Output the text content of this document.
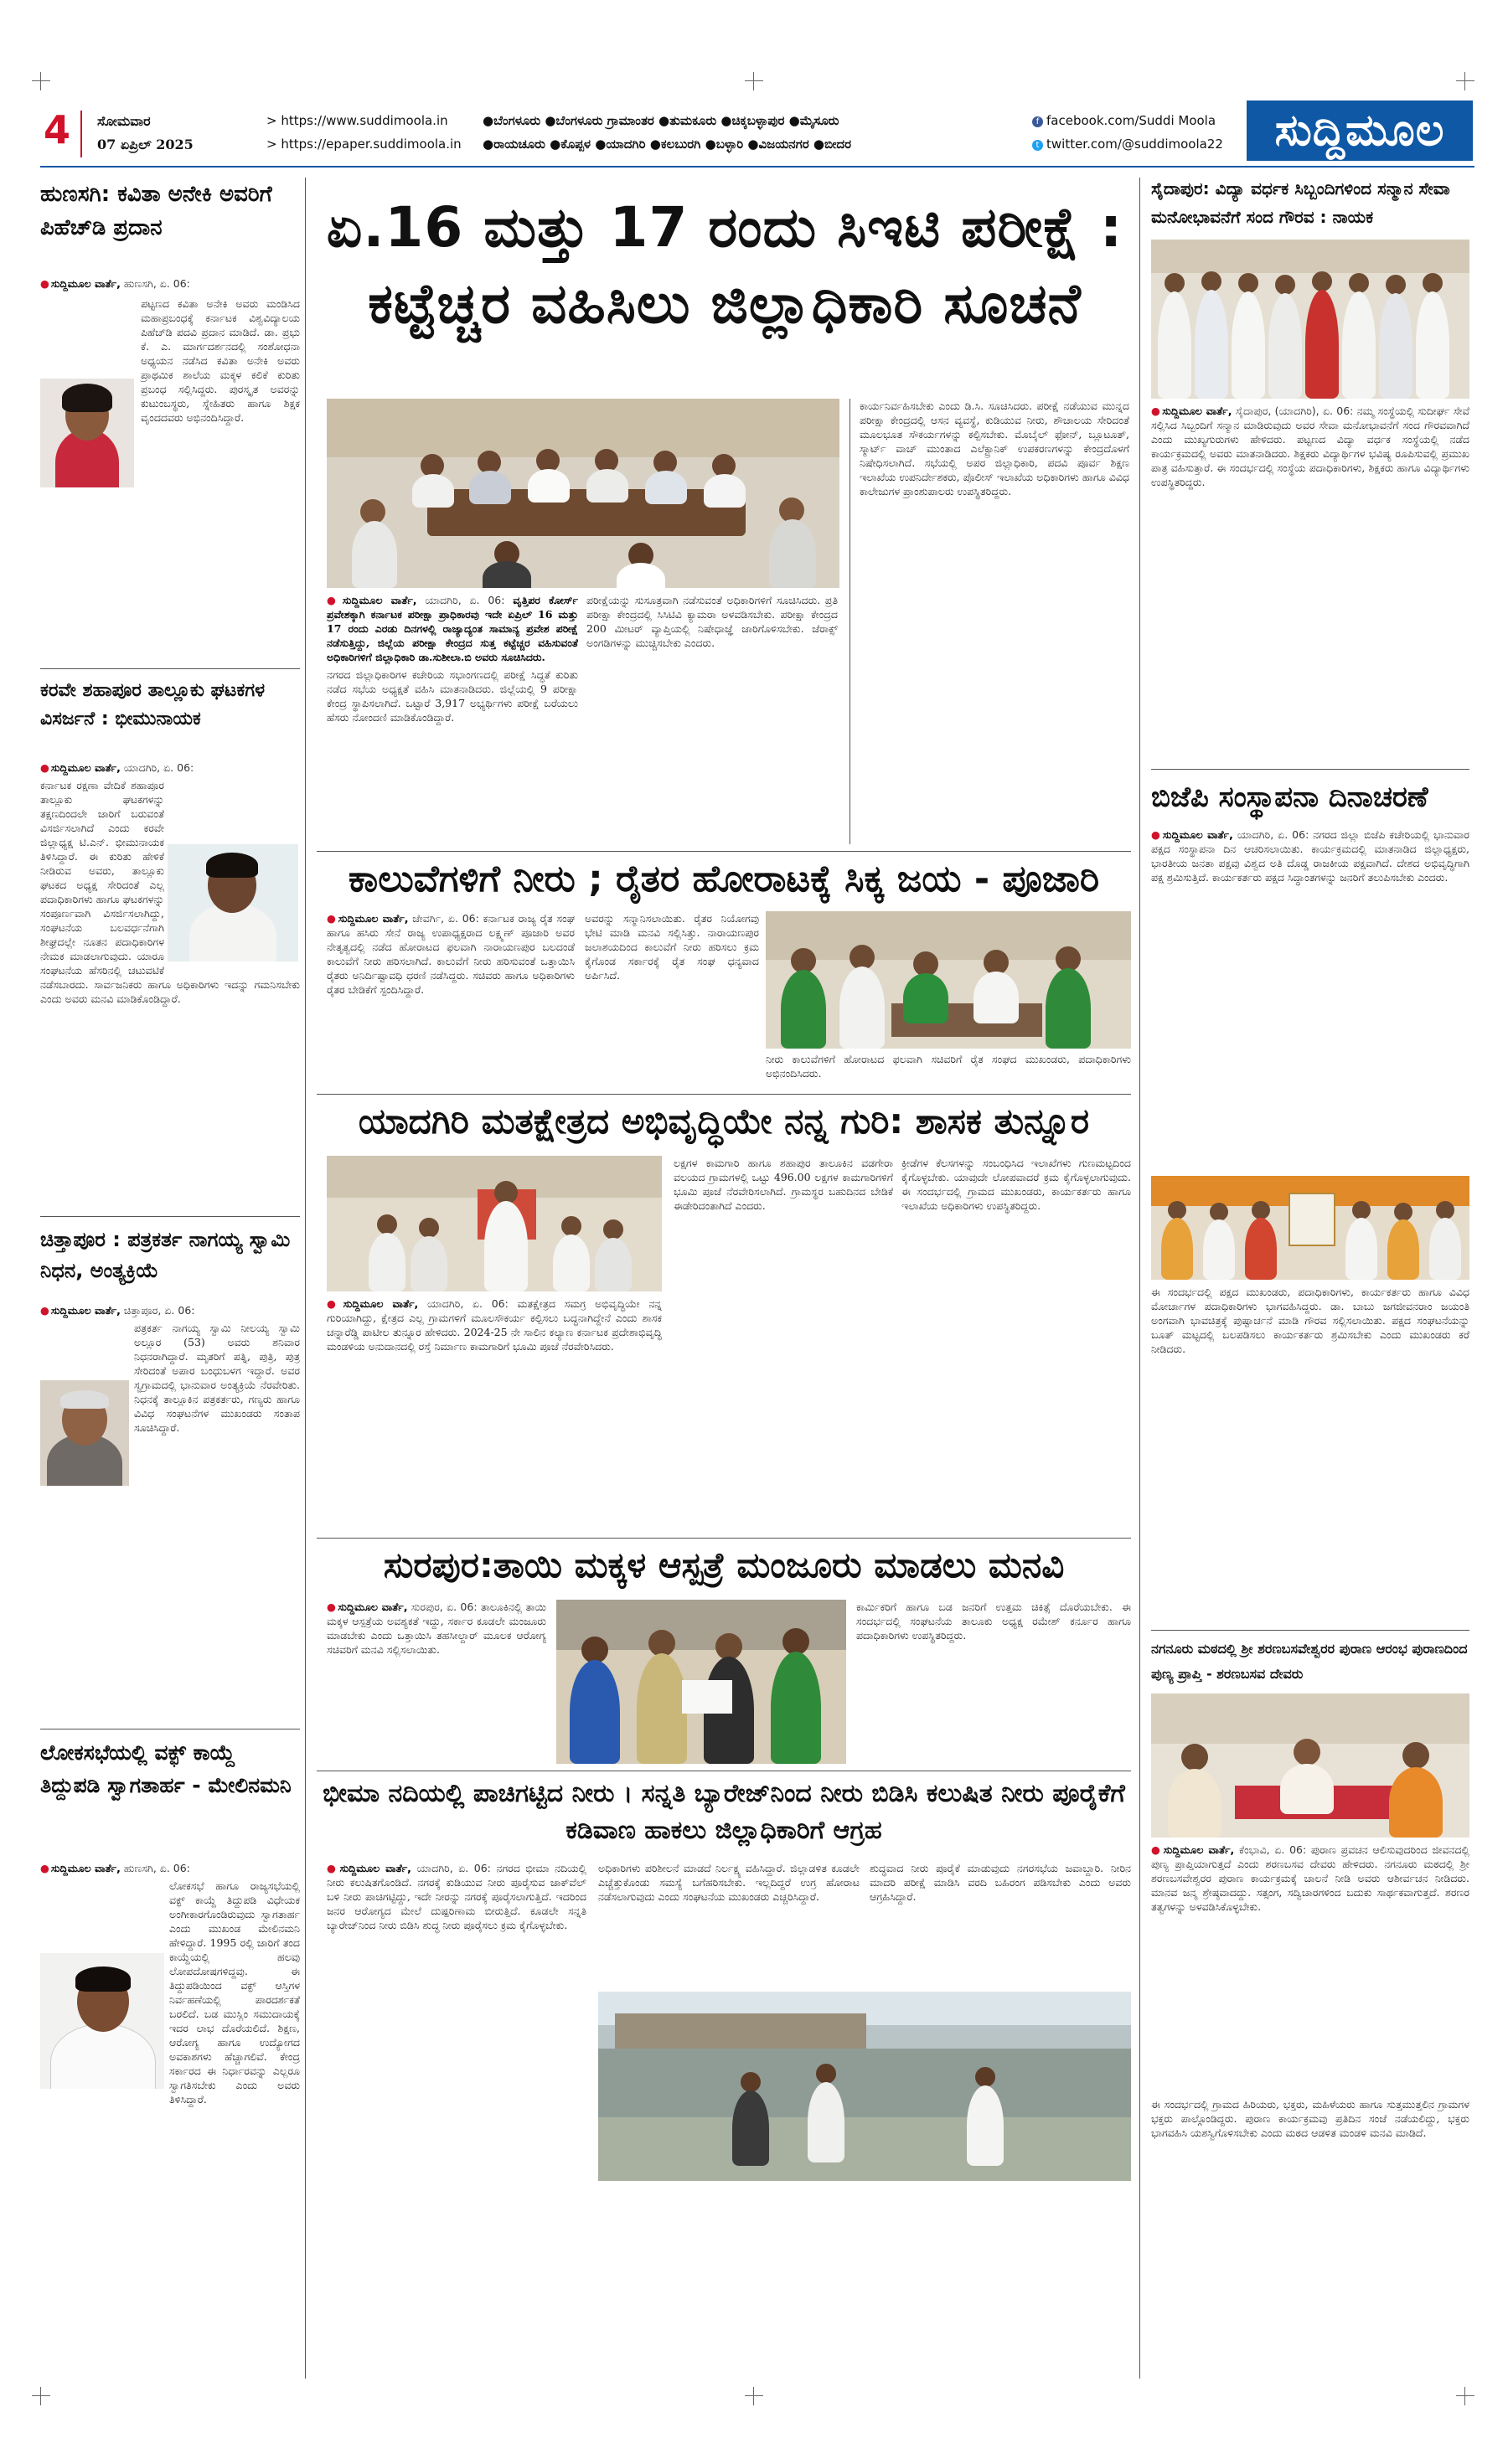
4 ಸೋಮವಾರ
07 ಏಪ್ರಿಲ್ 2025
> https://www.suddimoola.in
> https://epaper.suddimoola.in
●ಬೆಂಗಳೂರು ●ಬೆಂಗಳೂರು ಗ್ರಾಮಾಂತರ ●ತುಮಕೂರು ●ಚಿಕ್ಕಬಳ್ಳಾಪುರ ●ಮೈಸೂರು
●ರಾಯಚೂರು ●ಕೊಪ್ಪಳ ●ಯಾದಗಿರಿ ●ಕಲಬುರಗಿ ●ಬಳ್ಳಾರಿ ●ವಿಜಯನಗರ ●ಬೀದರ
f facebook.com/Suddi Moola
t twitter.com/@suddimoola22	ಸುದ್ದಿಮೂಲ
ಹುಣಸಗಿ: ಕವಿತಾ ಅನೇಕಿ ಅವರಿಗೆ ಪಿಹೆಚ್‌ಡಿ ಪ್ರದಾನ

● ಸುದ್ದಿಮೂಲ ವಾರ್ತೆ, ಹುಣಸಗಿ, ಏ. 06:

ಪಟ್ಟಣದ ಕವಿತಾ ಅನೇಕಿ ಅವರು ಮಂಡಿಸಿದ ಮಹಾಪ್ರಬಂಧಕ್ಕೆ ಕರ್ನಾಟಕ ವಿಶ್ವವಿದ್ಯಾಲಯ ಪಿಹೆಚ್‌ಡಿ ಪದವಿ ಪ್ರದಾನ ಮಾಡಿದೆ. ಡಾ. ಪ್ರಭು ಕೆ. ಎ. ಮಾರ್ಗದರ್ಶನದಲ್ಲಿ ಸಂಶೋಧನಾ ಅಧ್ಯಯನ ನಡೆಸಿದ ಕವಿತಾ ಅನೇಕಿ ಅವರು ಪ್ರಾಥಮಿಕ ಶಾಲೆಯ ಮಕ್ಕಳ ಕಲಿಕೆ ಕುರಿತು ಪ್ರಬಂಧ ಸಲ್ಲಿಸಿದ್ದರು. ಪುರಸ್ಕೃತ ಅವರನ್ನು ಕುಟುಂಬಸ್ಥರು, ಸ್ನೇಹಿತರು ಹಾಗೂ ಶಿಕ್ಷಕ ವೃಂದದವರು ಅಭಿನಂದಿಸಿದ್ದಾರೆ.
ಕರವೇ ಶಹಾಪೂರ ತಾಲ್ಲೂಕು ಘಟಕಗಳ ವಿಸರ್ಜನೆ : ಭೀಮುನಾಯಕ

● ಸುದ್ದಿಮೂಲ ವಾರ್ತೆ, ಯಾದಗಿರಿ, ಏ. 06:

ಕರ್ನಾಟಕ ರಕ್ಷಣಾ ವೇದಿಕೆ ಶಹಾಪೂರ ತಾಲ್ಲೂಕು ಘಟಕಗಳನ್ನು ತಕ್ಷಣದಿಂದಲೇ ಜಾರಿಗೆ ಬರುವಂತೆ ವಿಸರ್ಜಿಸಲಾಗಿದೆ ಎಂದು ಕರವೇ ಜಿಲ್ಲಾಧ್ಯಕ್ಷ ಟಿ.ಎನ್. ಭೀಮುನಾಯಕ ತಿಳಿಸಿದ್ದಾರೆ. ಈ ಕುರಿತು ಹೇಳಿಕೆ ನೀಡಿರುವ ಅವರು, ತಾಲ್ಲೂಕು ಘಟಕದ ಅಧ್ಯಕ್ಷ ಸೇರಿದಂತೆ ಎಲ್ಲ ಪದಾಧಿಕಾರಿಗಳು ಹಾಗೂ ಘಟಕಗಳನ್ನು ಸಂಪೂರ್ಣವಾಗಿ ವಿಸರ್ಜಿಸಲಾಗಿದ್ದು, ಸಂಘಟನೆಯ ಬಲವರ್ಧನೆಗಾಗಿ ಶೀಘ್ರದಲ್ಲೇ ನೂತನ ಪದಾಧಿಕಾರಿಗಳ ನೇಮಕ ಮಾಡಲಾಗುವುದು. ಯಾರೂ ಸಂಘಟನೆಯ ಹೆಸರಿನಲ್ಲಿ ಚಟುವಟಿಕೆ ನಡೆಸಬಾರದು. ಸಾರ್ವಜನಿಕರು ಹಾಗೂ ಅಧಿಕಾರಿಗಳು ಇದನ್ನು ಗಮನಿಸಬೇಕು ಎಂದು ಅವರು ಮನವಿ ಮಾಡಿಕೊಂಡಿದ್ದಾರೆ.
ಚಿತ್ತಾಪೂರ : ಪತ್ರಕರ್ತ ನಾಗಯ್ಯ ಸ್ವಾಮಿ ನಿಧನ, ಅಂತ್ಯಕ್ರಿಯೆ

● ಸುದ್ದಿಮೂಲ ವಾರ್ತೆ, ಚಿತ್ತಾಪೂರ, ಏ. 06:

ಪತ್ರಕರ್ತ ನಾಗಯ್ಯ ಸ್ವಾಮಿ ನೀಲಯ್ಯ ಸ್ವಾಮಿ ಅಲ್ಲೂರ (53) ಅವರು ಶನಿವಾರ ನಿಧನರಾಗಿದ್ದಾರೆ. ಮೃತರಿಗೆ ಪತ್ನಿ, ಪುತ್ರಿ, ಪುತ್ರ ಸೇರಿದಂತೆ ಅಪಾರ ಬಂಧುಬಳಗ ಇದ್ದಾರೆ. ಅವರ ಸ್ವಗ್ರಾಮದಲ್ಲಿ ಭಾನುವಾರ ಅಂತ್ಯಕ್ರಿಯೆ ನೆರವೇರಿತು. ನಿಧನಕ್ಕೆ ತಾಲ್ಲೂಕಿನ ಪತ್ರಕರ್ತರು, ಗಣ್ಯರು ಹಾಗೂ ವಿವಿಧ ಸಂಘಟನೆಗಳ ಮುಖಂಡರು ಸಂತಾಪ ಸೂಚಿಸಿದ್ದಾರೆ.
ಲೋಕಸಭೆಯಲ್ಲಿ ವಕ್ಫ್ ಕಾಯ್ದೆ ತಿದ್ದುಪಡಿ ಸ್ವಾಗತಾರ್ಹ - ಮೇಲಿನಮನಿ

● ಸುದ್ದಿಮೂಲ ವಾರ್ತೆ, ಹುಣಸಗಿ, ಏ. 06:

ಲೋಕಸಭೆ ಹಾಗೂ ರಾಜ್ಯಸಭೆಯಲ್ಲಿ ವಕ್ಫ್ ಕಾಯ್ದೆ ತಿದ್ದುಪಡಿ ವಿಧೇಯಕ ಅಂಗೀಕಾರಗೊಂಡಿರುವುದು ಸ್ವಾಗತಾರ್ಹ ಎಂದು ಮುಖಂಡ ಮೇಲಿನಮನಿ ಹೇಳಿದ್ದಾರೆ. 1995 ರಲ್ಲಿ ಜಾರಿಗೆ ತಂದ ಕಾಯ್ದೆಯಲ್ಲಿ ಹಲವು ಲೋಪದೋಷಗಳಿದ್ದವು. ಈ ತಿದ್ದುಪಡಿಯಿಂದ ವಕ್ಫ್ ಆಸ್ತಿಗಳ ನಿರ್ವಹಣೆಯಲ್ಲಿ ಪಾರದರ್ಶಕತೆ ಬರಲಿದೆ. ಬಡ ಮುಸ್ಲಿಂ ಸಮುದಾಯಕ್ಕೆ ಇದರ ಲಾಭ ದೊರೆಯಲಿದೆ. ಶಿಕ್ಷಣ, ಆರೋಗ್ಯ ಹಾಗೂ ಉದ್ಯೋಗದ ಅವಕಾಶಗಳು ಹೆಚ್ಚಾಗಲಿವೆ. ಕೇಂದ್ರ ಸರ್ಕಾರದ ಈ ನಿರ್ಧಾರವನ್ನು ಎಲ್ಲರೂ ಸ್ವಾಗತಿಸಬೇಕು ಎಂದು ಅವರು ತಿಳಿಸಿದ್ದಾರೆ.
ಏ.16 ಮತ್ತು 17 ರಂದು ಸಿಇಟಿ ಪರೀಕ್ಷೆ : ಕಟ್ಟೆಚ್ಚರ ವಹಿಸಿಲು ಜಿಲ್ಲಾಧಿಕಾರಿ ಸೂಚನೆ

● ಸುದ್ದಿಮೂಲ ವಾರ್ತೆ, ಯಾದಗಿರಿ, ಏ. 06: ವೃತ್ತಿಪರ ಕೋರ್ಸ್ ಪ್ರವೇಶಕ್ಕಾಗಿ ಕರ್ನಾಟಕ ಪರೀಕ್ಷಾ ಪ್ರಾಧಿಕಾರವು ಇದೇ ಏಪ್ರಿಲ್ 16 ಮತ್ತು 17 ರಂದು ಎರಡು ದಿನಗಳಲ್ಲಿ ರಾಜ್ಯಾದ್ಯಂತ ಸಾಮಾನ್ಯ ಪ್ರವೇಶ ಪರೀಕ್ಷೆ ನಡೆಸುತ್ತಿದ್ದು, ಜಿಲ್ಲೆಯ ಪರೀಕ್ಷಾ ಕೇಂದ್ರದ ಸುತ್ತ ಕಟ್ಟೆಚ್ಚರ ವಹಿಸುವಂತೆ ಅಧಿಕಾರಿಗಳಿಗೆ ಜಿಲ್ಲಾಧಿಕಾರಿ ಡಾ.ಸುಶೀಲಾ.ಬಿ ಅವರು ಸೂಚಿಸಿದರು.

ನಗರದ ಜಿಲ್ಲಾಧಿಕಾರಿಗಳ ಕಚೇರಿಯ ಸಭಾಂಗಣದಲ್ಲಿ ಪರೀಕ್ಷೆ ಸಿದ್ಧತೆ ಕುರಿತು ನಡೆದ ಸಭೆಯ ಅಧ್ಯಕ್ಷತೆ ವಹಿಸಿ ಮಾತನಾಡಿದರು. ಜಿಲ್ಲೆಯಲ್ಲಿ 9 ಪರೀಕ್ಷಾ ಕೇಂದ್ರ ಸ್ಥಾಪಿಸಲಾಗಿದೆ. ಒಟ್ಟಾರೆ 3,917 ಅಭ್ಯರ್ಥಿಗಳು ಪರೀಕ್ಷೆ ಬರೆಯಲು ಹೆಸರು ನೋಂದಣಿ ಮಾಡಿಕೊಂಡಿದ್ದಾರೆ.

ಪರೀಕ್ಷೆಯನ್ನು ಸುಸೂತ್ರವಾಗಿ ನಡೆಸುವಂತೆ ಅಧಿಕಾರಿಗಳಿಗೆ ಸೂಚಿಸಿದರು. ಪ್ರತಿ ಪರೀಕ್ಷಾ ಕೇಂದ್ರದಲ್ಲಿ ಸಿಸಿಟಿವಿ ಕ್ಯಾಮರಾ ಅಳವಡಿಸಬೇಕು. ಪರೀಕ್ಷಾ ಕೇಂದ್ರದ 200 ಮೀಟರ್ ವ್ಯಾಪ್ತಿಯಲ್ಲಿ ನಿಷೇಧಾಜ್ಞೆ ಜಾರಿಗೊಳಿಸಬೇಕು. ಜೆರಾಕ್ಸ್ ಅಂಗಡಿಗಳನ್ನು ಮುಚ್ಚಿಸಬೇಕು ಎಂದರು.

ಕಾರ್ಯನಿರ್ವಹಿಸಬೇಕು ಎಂದು ಡಿ.ಸಿ. ಸೂಚಿಸಿದರು. ಪರೀಕ್ಷೆ ನಡೆಯುವ ಮುನ್ನದ ಪರೀಕ್ಷಾ ಕೇಂದ್ರದಲ್ಲಿ ಆಸನ ವ್ಯವಸ್ಥೆ, ಕುಡಿಯುವ ನೀರು, ಶೌಚಾಲಯ ಸೇರಿದಂತೆ ಮೂಲಭೂತ ಸೌಕರ್ಯಗಳನ್ನು ಕಲ್ಪಿಸಬೇಕು. ಮೊಬೈಲ್ ಫೋನ್, ಬ್ಲೂಟೂತ್, ಸ್ಮಾರ್ಟ್ ವಾಚ್ ಮುಂತಾದ ಎಲೆಕ್ಟ್ರಾನಿಕ್ ಉಪಕರಣಗಳನ್ನು ಕೇಂದ್ರದೊಳಗೆ ನಿಷೇಧಿಸಲಾಗಿದೆ. ಸಭೆಯಲ್ಲಿ ಅಪರ ಜಿಲ್ಲಾಧಿಕಾರಿ, ಪದವಿ ಪೂರ್ವ ಶಿಕ್ಷಣ ಇಲಾಖೆಯ ಉಪನಿರ್ದೇಶಕರು, ಪೊಲೀಸ್ ಇಲಾಖೆಯ ಅಧಿಕಾರಿಗಳು ಹಾಗೂ ವಿವಿಧ ಕಾಲೇಜುಗಳ ಪ್ರಾಂಶುಪಾಲರು ಉಪಸ್ಥಿತರಿದ್ದರು.

ಕಾಲುವೆಗಳಿಗೆ ನೀರು ; ರೈತರ ಹೋರಾಟಕ್ಕೆ ಸಿಕ್ಕ ಜಯ - ಪೂಜಾರಿ

● ಸುದ್ದಿಮೂಲ ವಾರ್ತೆ, ಜೇವರ್ಗಿ, ಏ. 06: ಕರ್ನಾಟಕ ರಾಜ್ಯ ರೈತ ಸಂಘ ಹಾಗೂ ಹಸಿರು ಸೇನೆ ರಾಜ್ಯ ಉಪಾಧ್ಯಕ್ಷರಾದ ಲಕ್ಷ್ಮಣ್ ಪೂಜಾರಿ ಅವರ ನೇತೃತ್ವದಲ್ಲಿ ನಡೆದ ಹೋರಾಟದ ಫಲವಾಗಿ ನಾರಾಯಣಪುರ ಬಲದಂಡೆ ಕಾಲುವೆಗೆ ನೀರು ಹರಿಸಲಾಗಿದೆ. ಕಾಲುವೆಗೆ ನೀರು ಹರಿಸುವಂತೆ ಒತ್ತಾಯಿಸಿ ರೈತರು ಅನಿರ್ದಿಷ್ಟಾವಧಿ ಧರಣಿ ನಡೆಸಿದ್ದರು. ಸಚಿವರು ಹಾಗೂ ಅಧಿಕಾರಿಗಳು ರೈತರ ಬೇಡಿಕೆಗೆ ಸ್ಪಂದಿಸಿದ್ದಾರೆ.

ಅವರನ್ನು ಸನ್ಮಾನಿಸಲಾಯಿತು. ರೈತರ ನಿಯೋಗವು ಭೇಟಿ ಮಾಡಿ ಮನವಿ ಸಲ್ಲಿಸಿತ್ತು. ನಾರಾಯಣಪುರ ಜಲಾಶಯದಿಂದ ಕಾಲುವೆಗೆ ನೀರು ಹರಿಸಲು ಕ್ರಮ ಕೈಗೊಂಡ ಸರ್ಕಾರಕ್ಕೆ ರೈತ ಸಂಘ ಧನ್ಯವಾದ ಅರ್ಪಿಸಿದೆ.

ನೀರು ಕಾಲುವೆಗಳಿಗೆ ಹೋರಾಟದ ಫಲವಾಗಿ ಸಚಿವರಿಗೆ ರೈತ ಸಂಘದ ಮುಖಂಡರು, ಪದಾಧಿಕಾರಿಗಳು ಅಭಿನಂದಿಸಿದರು.
ಯಾದಗಿರಿ ಮತಕ್ಷೇತ್ರದ ಅಭಿವೃದ್ಧಿಯೇ ನನ್ನ ಗುರಿ: ಶಾಸಕ ತುನ್ನೂರ

● ಸುದ್ದಿಮೂಲ ವಾರ್ತೆ, ಯಾದಗಿರಿ, ಏ. 06: ಮತಕ್ಷೇತ್ರದ ಸಮಗ್ರ ಅಭಿವೃದ್ಧಿಯೇ ನನ್ನ ಗುರಿಯಾಗಿದ್ದು, ಕ್ಷೇತ್ರದ ಎಲ್ಲ ಗ್ರಾಮಗಳಿಗೆ ಮೂಲಸೌಕರ್ಯ ಕಲ್ಪಿಸಲು ಬದ್ಧನಾಗಿದ್ದೇನೆ ಎಂದು ಶಾಸಕ ಚನ್ನಾರೆಡ್ಡಿ ಪಾಟೀಲ ತುನ್ನೂರ ಹೇಳಿದರು. 2024-25 ನೇ ಸಾಲಿನ ಕಲ್ಯಾಣ ಕರ್ನಾಟಕ ಪ್ರದೇಶಾಭಿವೃದ್ಧಿ ಮಂಡಳಿಯ ಅನುದಾನದಲ್ಲಿ ರಸ್ತೆ ನಿರ್ಮಾಣ ಕಾಮಗಾರಿಗೆ ಭೂಮಿ ಪೂಜೆ ನೆರವೇರಿಸಿದರು.

ಲಕ್ಷಗಳ ಕಾಮಗಾರಿ ಹಾಗೂ ಶಹಾಪುರ ತಾಲೂಕಿನ ವಡಗೇರಾ ವಲಯದ ಗ್ರಾಮಗಳಲ್ಲಿ ಒಟ್ಟು 496.00 ಲಕ್ಷಗಳ ಕಾಮಗಾರಿಗಳಿಗೆ ಭೂಮಿ ಪೂಜೆ ನೆರವೇರಿಸಲಾಗಿದೆ. ಗ್ರಾಮಸ್ಥರ ಬಹುದಿನದ ಬೇಡಿಕೆ ಈಡೇರಿದಂತಾಗಿದೆ ಎಂದರು.

ಕ್ರೀಡೆಗಳ ಕೆಲಸಗಳನ್ನು ಸಂಬಂಧಿಸಿದ ಇಲಾಖೆಗಳು ಗುಣಮಟ್ಟದಿಂದ ಕೈಗೊಳ್ಳಬೇಕು. ಯಾವುದೇ ಲೋಪವಾದರೆ ಕ್ರಮ ಕೈಗೊಳ್ಳಲಾಗುವುದು. ಈ ಸಂದರ್ಭದಲ್ಲಿ ಗ್ರಾಮದ ಮುಖಂಡರು, ಕಾರ್ಯಕರ್ತರು ಹಾಗೂ ಇಲಾಖೆಯ ಅಧಿಕಾರಿಗಳು ಉಪಸ್ಥಿತರಿದ್ದರು.

ಸುರಪುರ:ತಾಯಿ ಮಕ್ಕಳ ಆಸ್ಪತ್ರೆ ಮಂಜೂರು ಮಾಡಲು ಮನವಿ

● ಸುದ್ದಿಮೂಲ ವಾರ್ತೆ, ಸುರಪುರ, ಏ. 06: ತಾಲೂಕಿನಲ್ಲಿ ತಾಯಿ ಮಕ್ಕಳ ಆಸ್ಪತ್ರೆಯ ಅವಶ್ಯಕತೆ ಇದ್ದು, ಸರ್ಕಾರ ಕೂಡಲೇ ಮಂಜೂರು ಮಾಡಬೇಕು ಎಂದು ಒತ್ತಾಯಿಸಿ ತಹಸೀಲ್ದಾರ್ ಮೂಲಕ ಆರೋಗ್ಯ ಸಚಿವರಿಗೆ ಮನವಿ ಸಲ್ಲಿಸಲಾಯಿತು.

ಕಾರ್ಮಿಕರಿಗೆ ಹಾಗೂ ಬಡ ಜನರಿಗೆ ಉತ್ತಮ ಚಿಕಿತ್ಸೆ ದೊರೆಯಬೇಕು. ಈ ಸಂದರ್ಭದಲ್ಲಿ ಸಂಘಟನೆಯ ತಾಲೂಕು ಅಧ್ಯಕ್ಷ ರಮೇಶ್ ಕರ್ನೂರ ಹಾಗೂ ಪದಾಧಿಕಾರಿಗಳು ಉಪಸ್ಥಿತರಿದ್ದರು.

ಭೀಮಾ ನದಿಯಲ್ಲಿ ಪಾಚಿಗಟ್ಟಿದ ನೀರು । ಸನ್ನತಿ ಬ್ಯಾರೇಜ್‌ನಿಂದ ನೀರು ಬಿಡಿಸಿ ಕಲುಷಿತ ನೀರು ಪೂರೈಕೆಗೆ ಕಡಿವಾಣ ಹಾಕಲು ಜಿಲ್ಲಾಧಿಕಾರಿಗೆ ಆಗ್ರಹ

● ಸುದ್ದಿಮೂಲ ವಾರ್ತೆ, ಯಾದಗಿರಿ, ಏ. 06: ನಗರದ ಭೀಮಾ ನದಿಯಲ್ಲಿ ನೀರು ಕಲುಷಿತಗೊಂಡಿದೆ. ನಗರಕ್ಕೆ ಕುಡಿಯುವ ನೀರು ಪೂರೈಸುವ ಜಾಕ್‌ವೆಲ್ ಬಳಿ ನೀರು ಪಾಚಿಗಟ್ಟಿದ್ದು, ಇದೇ ನೀರನ್ನು ನಗರಕ್ಕೆ ಪೂರೈಸಲಾಗುತ್ತಿದೆ. ಇದರಿಂದ ಜನರ ಆರೋಗ್ಯದ ಮೇಲೆ ದುಷ್ಪರಿಣಾಮ ಬೀರುತ್ತಿದೆ. ಕೂಡಲೇ ಸನ್ನತಿ ಬ್ಯಾರೇಜ್‌ನಿಂದ ನೀರು ಬಿಡಿಸಿ ಶುದ್ಧ ನೀರು ಪೂರೈಸಲು ಕ್ರಮ ಕೈಗೊಳ್ಳಬೇಕು.

ಅಧಿಕಾರಿಗಳು ಪರಿಶೀಲನೆ ಮಾಡದೆ ನಿರ್ಲಕ್ಷ್ಯ ವಹಿಸಿದ್ದಾರೆ. ಜಿಲ್ಲಾಡಳಿತ ಕೂಡಲೇ ಎಚ್ಚೆತ್ತುಕೊಂಡು ಸಮಸ್ಯೆ ಬಗೆಹರಿಸಬೇಕು. ಇಲ್ಲದಿದ್ದರೆ ಉಗ್ರ ಹೋರಾಟ ನಡೆಸಲಾಗುವುದು ಎಂದು ಸಂಘಟನೆಯ ಮುಖಂಡರು ಎಚ್ಚರಿಸಿದ್ದಾರೆ.

ಶುದ್ಧವಾದ ನೀರು ಪೂರೈಕೆ ಮಾಡುವುದು ನಗರಸಭೆಯ ಜವಾಬ್ದಾರಿ. ನೀರಿನ ಮಾದರಿ ಪರೀಕ್ಷೆ ಮಾಡಿಸಿ ವರದಿ ಬಹಿರಂಗ ಪಡಿಸಬೇಕು ಎಂದು ಅವರು ಆಗ್ರಹಿಸಿದ್ದಾರೆ.

ಸೈದಾಪುರ: ವಿದ್ಯಾ ವರ್ಧಕ ಸಿಬ್ಬಂದಿಗಳಿಂದ ಸನ್ಮಾನ ಸೇವಾ ಮನೋಭಾವನೆಗೆ ಸಂದ ಗೌರವ : ನಾಯಕ

● ಸುದ್ದಿಮೂಲ ವಾರ್ತೆ, ಸೈದಾಪುರ, (ಯಾದಗಿರಿ), ಏ. 06: ನಮ್ಮ ಸಂಸ್ಥೆಯಲ್ಲಿ ಸುದೀರ್ಘ ಸೇವೆ ಸಲ್ಲಿಸಿದ ಸಿಬ್ಬಂದಿಗೆ ಸನ್ಮಾನ ಮಾಡಿರುವುದು ಅವರ ಸೇವಾ ಮನೋಭಾವನೆಗೆ ಸಂದ ಗೌರವವಾಗಿದೆ ಎಂದು ಮುಖ್ಯಗುರುಗಳು ಹೇಳಿದರು. ಪಟ್ಟಣದ ವಿದ್ಯಾ ವರ್ಧಕ ಸಂಸ್ಥೆಯಲ್ಲಿ ನಡೆದ ಕಾರ್ಯಕ್ರಮದಲ್ಲಿ ಅವರು ಮಾತನಾಡಿದರು. ಶಿಕ್ಷಕರು ವಿದ್ಯಾರ್ಥಿಗಳ ಭವಿಷ್ಯ ರೂಪಿಸುವಲ್ಲಿ ಪ್ರಮುಖ ಪಾತ್ರ ವಹಿಸುತ್ತಾರೆ. ಈ ಸಂದರ್ಭದಲ್ಲಿ ಸಂಸ್ಥೆಯ ಪದಾಧಿಕಾರಿಗಳು, ಶಿಕ್ಷಕರು ಹಾಗೂ ವಿದ್ಯಾರ್ಥಿಗಳು ಉಪಸ್ಥಿತರಿದ್ದರು.

ಬಿಜೆಪಿ ಸಂಸ್ಥಾಪನಾ ದಿನಾಚರಣೆ

● ಸುದ್ದಿಮೂಲ ವಾರ್ತೆ, ಯಾದಗಿರಿ, ಏ. 06: ನಗರದ ಜಿಲ್ಲಾ ಬಿಜೆಪಿ ಕಚೇರಿಯಲ್ಲಿ ಭಾನುವಾರ ಪಕ್ಷದ ಸಂಸ್ಥಾಪನಾ ದಿನ ಆಚರಿಸಲಾಯಿತು. ಕಾರ್ಯಕ್ರಮದಲ್ಲಿ ಮಾತನಾಡಿದ ಜಿಲ್ಲಾಧ್ಯಕ್ಷರು, ಭಾರತೀಯ ಜನತಾ ಪಕ್ಷವು ವಿಶ್ವದ ಅತಿ ದೊಡ್ಡ ರಾಜಕೀಯ ಪಕ್ಷವಾಗಿದೆ. ದೇಶದ ಅಭಿವೃದ್ಧಿಗಾಗಿ ಪಕ್ಷ ಶ್ರಮಿಸುತ್ತಿದೆ. ಕಾರ್ಯಕರ್ತರು ಪಕ್ಷದ ಸಿದ್ಧಾಂತಗಳನ್ನು ಜನರಿಗೆ ತಲುಪಿಸಬೇಕು ಎಂದರು.

ಈ ಸಂದರ್ಭದಲ್ಲಿ ಪಕ್ಷದ ಮುಖಂಡರು, ಪದಾಧಿಕಾರಿಗಳು, ಕಾರ್ಯಕರ್ತರು ಹಾಗೂ ವಿವಿಧ ಮೋರ್ಚಾಗಳ ಪದಾಧಿಕಾರಿಗಳು ಭಾಗವಹಿಸಿದ್ದರು. ಡಾ. ಬಾಬು ಜಗಜೀವನರಾಂ ಜಯಂತಿ ಅಂಗವಾಗಿ ಭಾವಚಿತ್ರಕ್ಕೆ ಪುಷ್ಪಾರ್ಚನೆ ಮಾಡಿ ಗೌರವ ಸಲ್ಲಿಸಲಾಯಿತು. ಪಕ್ಷದ ಸಂಘಟನೆಯನ್ನು ಬೂತ್ ಮಟ್ಟದಲ್ಲಿ ಬಲಪಡಿಸಲು ಕಾರ್ಯಕರ್ತರು ಶ್ರಮಿಸಬೇಕು ಎಂದು ಮುಖಂಡರು ಕರೆ ನೀಡಿದರು.

ನಗನೂರು ಮಠದಲ್ಲಿ ಶ್ರೀ ಶರಣಬಸವೇಶ್ವರರ ಪುರಾಣ ಆರಂಭ ಪುರಾಣದಿಂದ ಪುಣ್ಯ ಪ್ರಾಪ್ತಿ - ಶರಣಬಸವ ದೇವರು

● ಸುದ್ದಿಮೂಲ ವಾರ್ತೆ, ಕೆಂಭಾವಿ, ಏ. 06: ಪುರಾಣ ಪ್ರವಚನ ಆಲಿಸುವುದರಿಂದ ಜೀವನದಲ್ಲಿ ಪುಣ್ಯ ಪ್ರಾಪ್ತಿಯಾಗುತ್ತದೆ ಎಂದು ಶರಣಬಸವ ದೇವರು ಹೇಳಿದರು. ನಗನೂರು ಮಠದಲ್ಲಿ ಶ್ರೀ ಶರಣಬಸವೇಶ್ವರರ ಪುರಾಣ ಕಾರ್ಯಕ್ರಮಕ್ಕೆ ಚಾಲನೆ ನೀಡಿ ಅವರು ಆಶೀರ್ವಚನ ನೀಡಿದರು. ಮಾನವ ಜನ್ಮ ಶ್ರೇಷ್ಠವಾದದ್ದು. ಸತ್ಸಂಗ, ಸದ್ವಿಚಾರಗಳಿಂದ ಬದುಕು ಸಾರ್ಥಕವಾಗುತ್ತದೆ. ಶರಣರ ತತ್ವಗಳನ್ನು ಅಳವಡಿಸಿಕೊಳ್ಳಬೇಕು.

ಈ ಸಂದರ್ಭದಲ್ಲಿ ಗ್ರಾಮದ ಹಿರಿಯರು, ಭಕ್ತರು, ಮಹಿಳೆಯರು ಹಾಗೂ ಸುತ್ತಮುತ್ತಲಿನ ಗ್ರಾಮಗಳ ಭಕ್ತರು ಪಾಲ್ಗೊಂಡಿದ್ದರು. ಪುರಾಣ ಕಾರ್ಯಕ್ರಮವು ಪ್ರತಿದಿನ ಸಂಜೆ ನಡೆಯಲಿದ್ದು, ಭಕ್ತರು ಭಾಗವಹಿಸಿ ಯಶಸ್ವಿಗೊಳಿಸಬೇಕು ಎಂದು ಮಠದ ಆಡಳಿತ ಮಂಡಳಿ ಮನವಿ ಮಾಡಿದೆ.
